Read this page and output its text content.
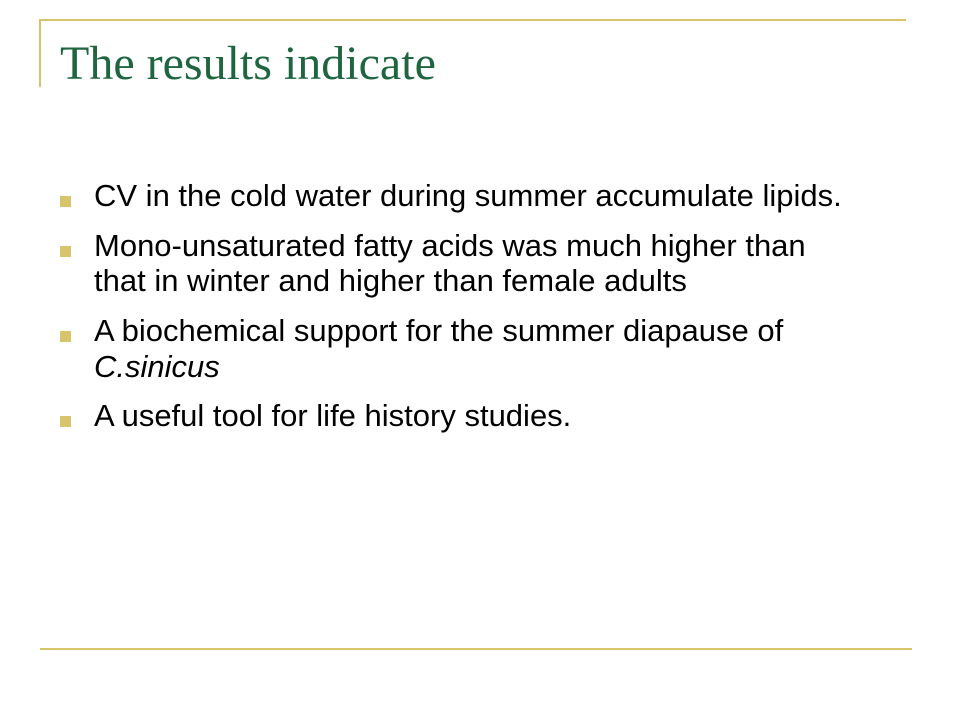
The results indicate
CV in the cold water during summer accumulate lipids.
Mono-unsaturated fatty acids was much higher than that in winter and higher than female adults
A biochemical support for the summer diapause of C.sinicus
A useful tool for life history studies.
